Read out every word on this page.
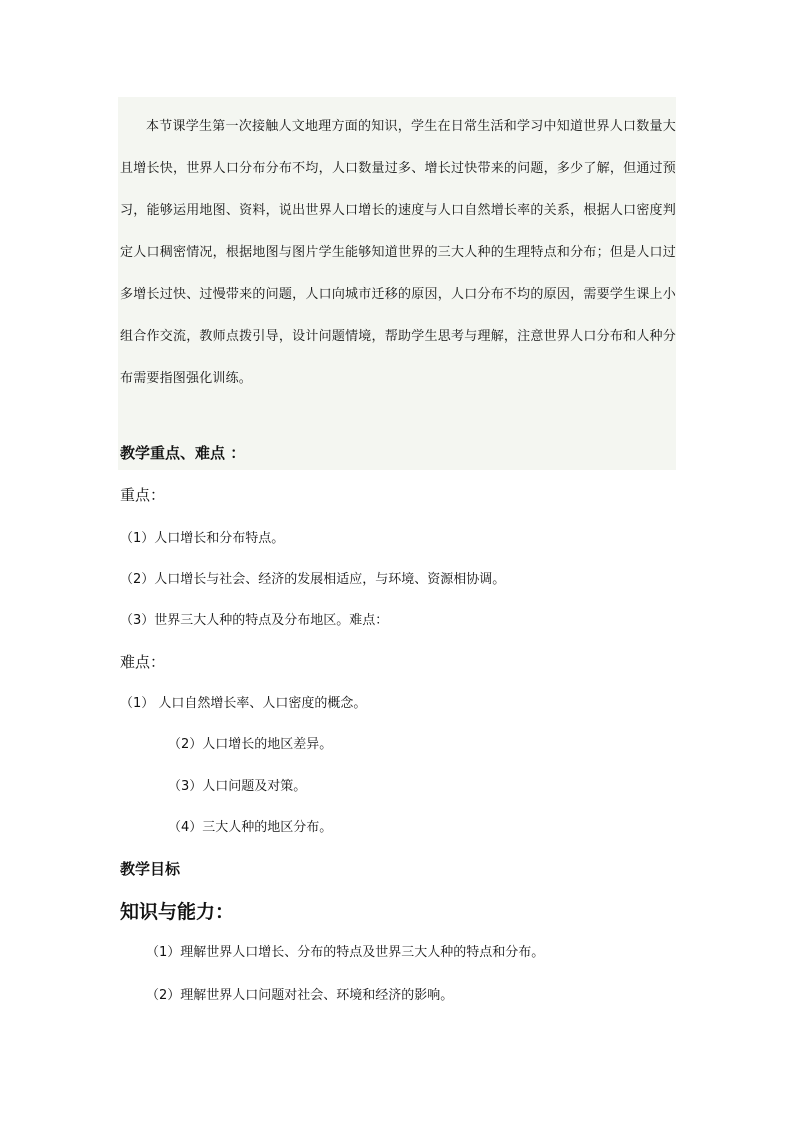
本节课学生第一次接触人文地理方面的知识，学生在日常生活和学习中知道世界人口数量大且增长快，世界人口分布分布不均，人口数量过多、增长过快带来的问题，多少了解，但通过预习，能够运用地图、资料，说出世界人口增长的速度与人口自然增长率的关系，根据人口密度判定人口稠密情况，根据地图与图片学生能够知道世界的三大人种的生理特点和分布；但是人口过多增长过快、过慢带来的问题，人口向城市迁移的原因，人口分布不均的原因，需要学生课上小组合作交流，教师点拨引导，设计问题情境，帮助学生思考与理解，注意世界人口分布和人种分布需要指图强化训练。
教学重点、难点 ：
重点：
（1）人口增长和分布特点。
（2）人口增长与社会、经济的发展相适应，与环境、资源相协调。
（3）世界三大人种的特点及分布地区。难点：
难点：
（1） 人口自然增长率、人口密度的概念。
（2）人口增长的地区差异。
（3）人口问题及对策。
（4）三大人种的地区分布。
教学目标
知识与能力：
（1）理解世界人口增长、分布的特点及世界三大人种的特点和分布。
（2）理解世界人口问题对社会、环境和经济的影响。
